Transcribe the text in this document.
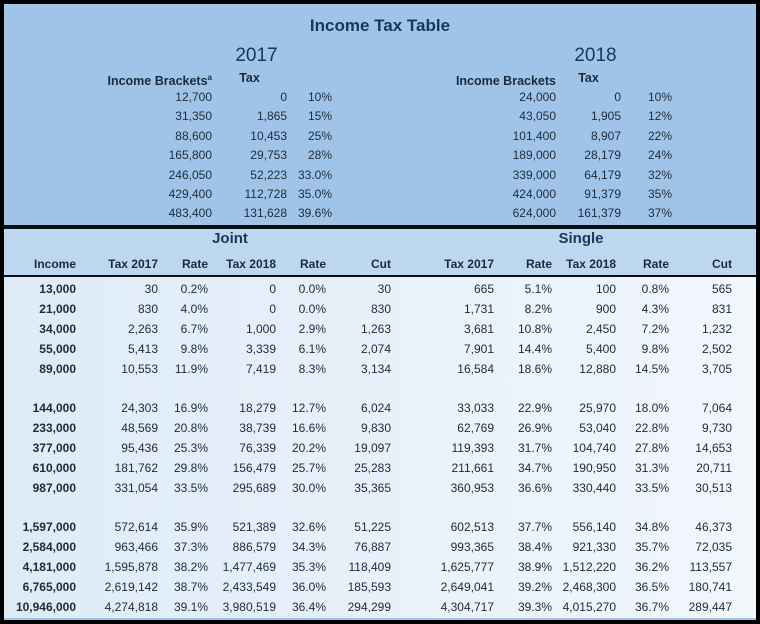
Income Tax Table
2017
Income Brackets$^a$	Tax
12,700	0	10%
31,350	1,865	15%
88,600	10,453	25%
165,800	29,753	28%
246,050	52,223 33.0%
429,400	112,728 35.0%
483,400	131,628 39.6%
2018
Income Brackets	Tax
24,000	0	10%
43,050	1,905	12%
101,400	8,907	22%
189,000	28,179	24%
339,000	64,179	32%
424,000	91,379	35%
624,000	161,379	37%
Joint	Single
Income	Tax 2017	Rate	Tax 2018	Rate	Cut	Tax 2017	Rate	Tax 2018	Rate	Cut
13,000	30	0.2%	0	0.0%	30	665	5.1%	100	0.8%	565
21,000	830	4.0%	0	0.0%	830	1,731	8.2%	900	4.3%	831
34,000	2,263	6.7%	1,000	2.9%	1,263	3,681	10.8%	2,450	7.2%	1,232
55,000	5,413	9.8%	3,339	6.1%	2,074	7,901	14.4%	5,400	9.8%	2,502
89,000	10,553	11.9%	7,419	8.3%	3,134	16,584	18.6%	12,880	14.5%	3,705
144,000	24,303	16.9%	18,279	12.7%	6,024	33,033	22.9%	25,970	18.0%	7,064
233,000	48,569	20.8%	38,739	16.6%	9,830	62,769	26.9%	53,040	22.8%	9,730
377,000	95,436	25.3%	76,339	20.2%	19,097	119,393	31.7%	104,740	27.8%	14,653
610,000	181,762	29.8%	156,479	25.7%	25,283	211,661	34.7%	190,950	31.3%	20,711
987,000	331,054	33.5%	295,689	30.0%	35,365	360,953	36.6%	330,440	33.5%	30,513
1,597,000	572,614	35.9%	521,389	32.6%	51,225	602,513	37.7%	556,140	34.8%	46,373
2,584,000	963,466	37.3%	886,579	34.3%	76,887	993,365	38.4%	921,330	35.7%	72,035
4,181,000	1,595,878	38.2%	1,477,469	35.3%	118,409	1,625,777	38.9% 1,512,220	36.2%	113,557
6,765,000	2,619,142	38.7%	2,433,549	36.0%	185,593	2,649,041	39.2% 2,468,300	36.5%	180,741
10,946,000	4,274,818	39.1%	3,980,519	36.4%	294,299	4,304,717	39.3% 4,015,270	36.7%	289,447
